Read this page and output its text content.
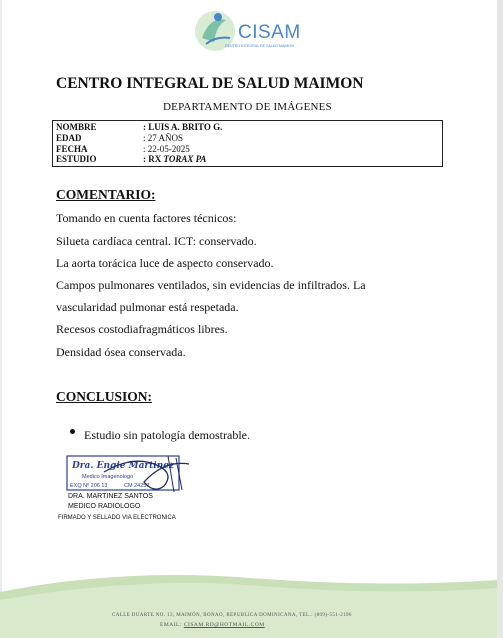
CISAM
CENTRO INTEGRAL DE SALUD MAIMON
CENTRO INTEGRAL DE SALUD MAIMON
DEPARTAMENTO DE IMÁGENES
NOMBRE	: LUIS A. BRITO G.
EDAD	: 27 AÑOS
FECHA	: 22-05-2025
ESTUDIO	: RX TORAX PA
COMENTARIO:
Tomando en cuenta factores técnicos:
Silueta cardíaca central. ICT: conservado.
La aorta torácica luce de aspecto conservado.
Campos pulmonares ventilados, sin evidencias de infiltrados. La
vascularidad pulmonar está respetada.
Recesos costodiafragmáticos libres.
Densidad ósea conservada.
CONCLUSION:
Estudio sin patología demostrable.
Dra. Engie Martinez
Medico Imagenologo
EXQ Nº 206 13	CM 24257
DRA. MARTINEZ SANTOS
MEDICO RADIOLOGO
FIRMADO Y SELLADO VIA ELECTRONICA
CALLE DUARTE NO. 13, MAIMÓN, BONAO, REPUBLICA DOMINICANA, TEL.: (809)-551-2196
EMAIL: CISAM.RD@HOTMAIL.COM
